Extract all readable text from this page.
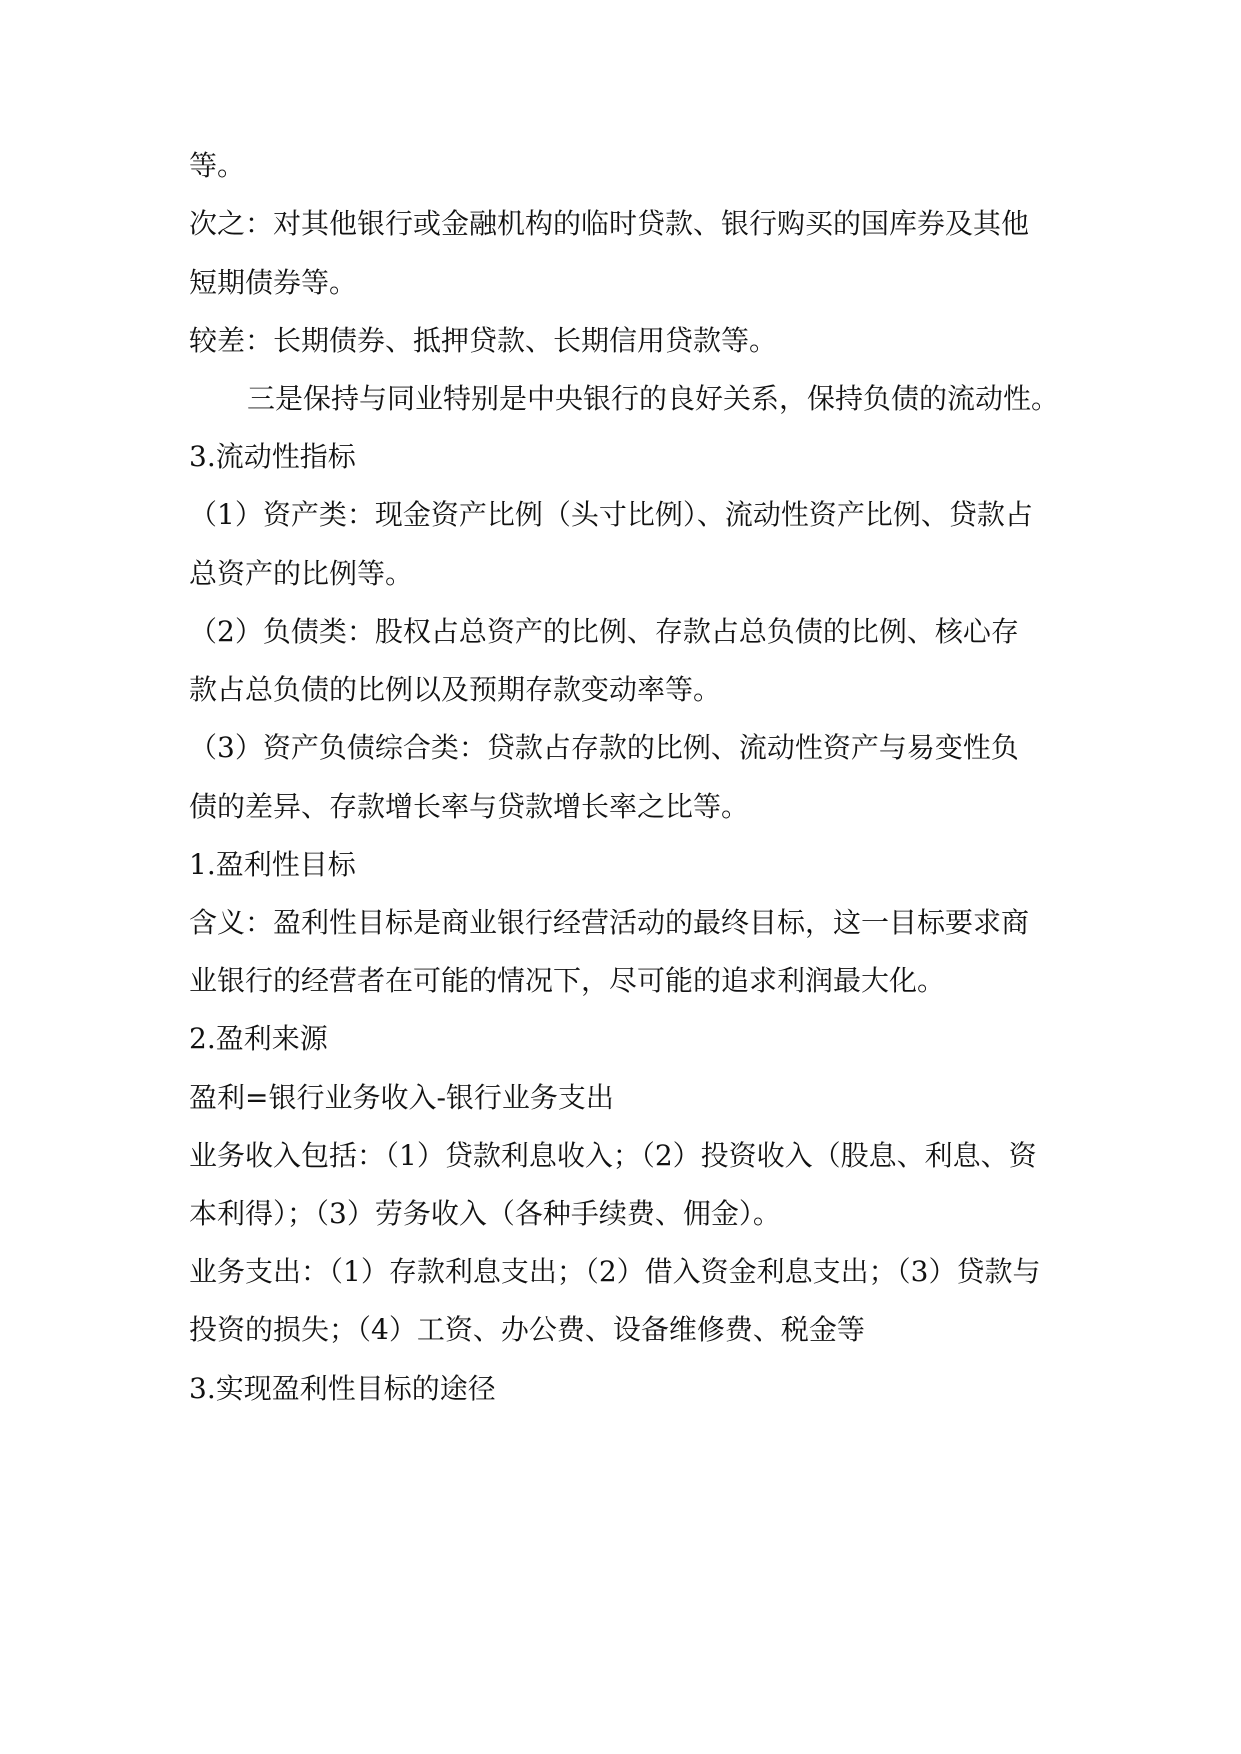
等。
次之：对其他银行或金融机构的临时贷款、银行购买的国库券及其他
短期债券等。
较差：长期债券、抵押贷款、长期信用贷款等。
三是保持与同业特别是中央银行的良好关系，保持负债的流动性。
3.流动性指标
（1）资产类：现金资产比例（头寸比例）、流动性资产比例、贷款占
总资产的比例等。
（2）负债类：股权占总资产的比例、存款占总负债的比例、核心存
款占总负债的比例以及预期存款变动率等。
（3）资产负债综合类：贷款占存款的比例、流动性资产与易变性负
债的差异、存款增长率与贷款增长率之比等。
1.盈利性目标
含义：盈利性目标是商业银行经营活动的最终目标，这一目标要求商
业银行的经营者在可能的情况下，尽可能的追求利润最大化。
2.盈利来源
盈利=银行业务收入-银行业务支出
业务收入包括：（1）贷款利息收入；（2）投资收入（股息、利息、资
本利得）；（3）劳务收入（各种手续费、佣金）。
业务支出：（1）存款利息支出；（2）借入资金利息支出；（3）贷款与
投资的损失；（4）工资、办公费、设备维修费、税金等
3.实现盈利性目标的途径
